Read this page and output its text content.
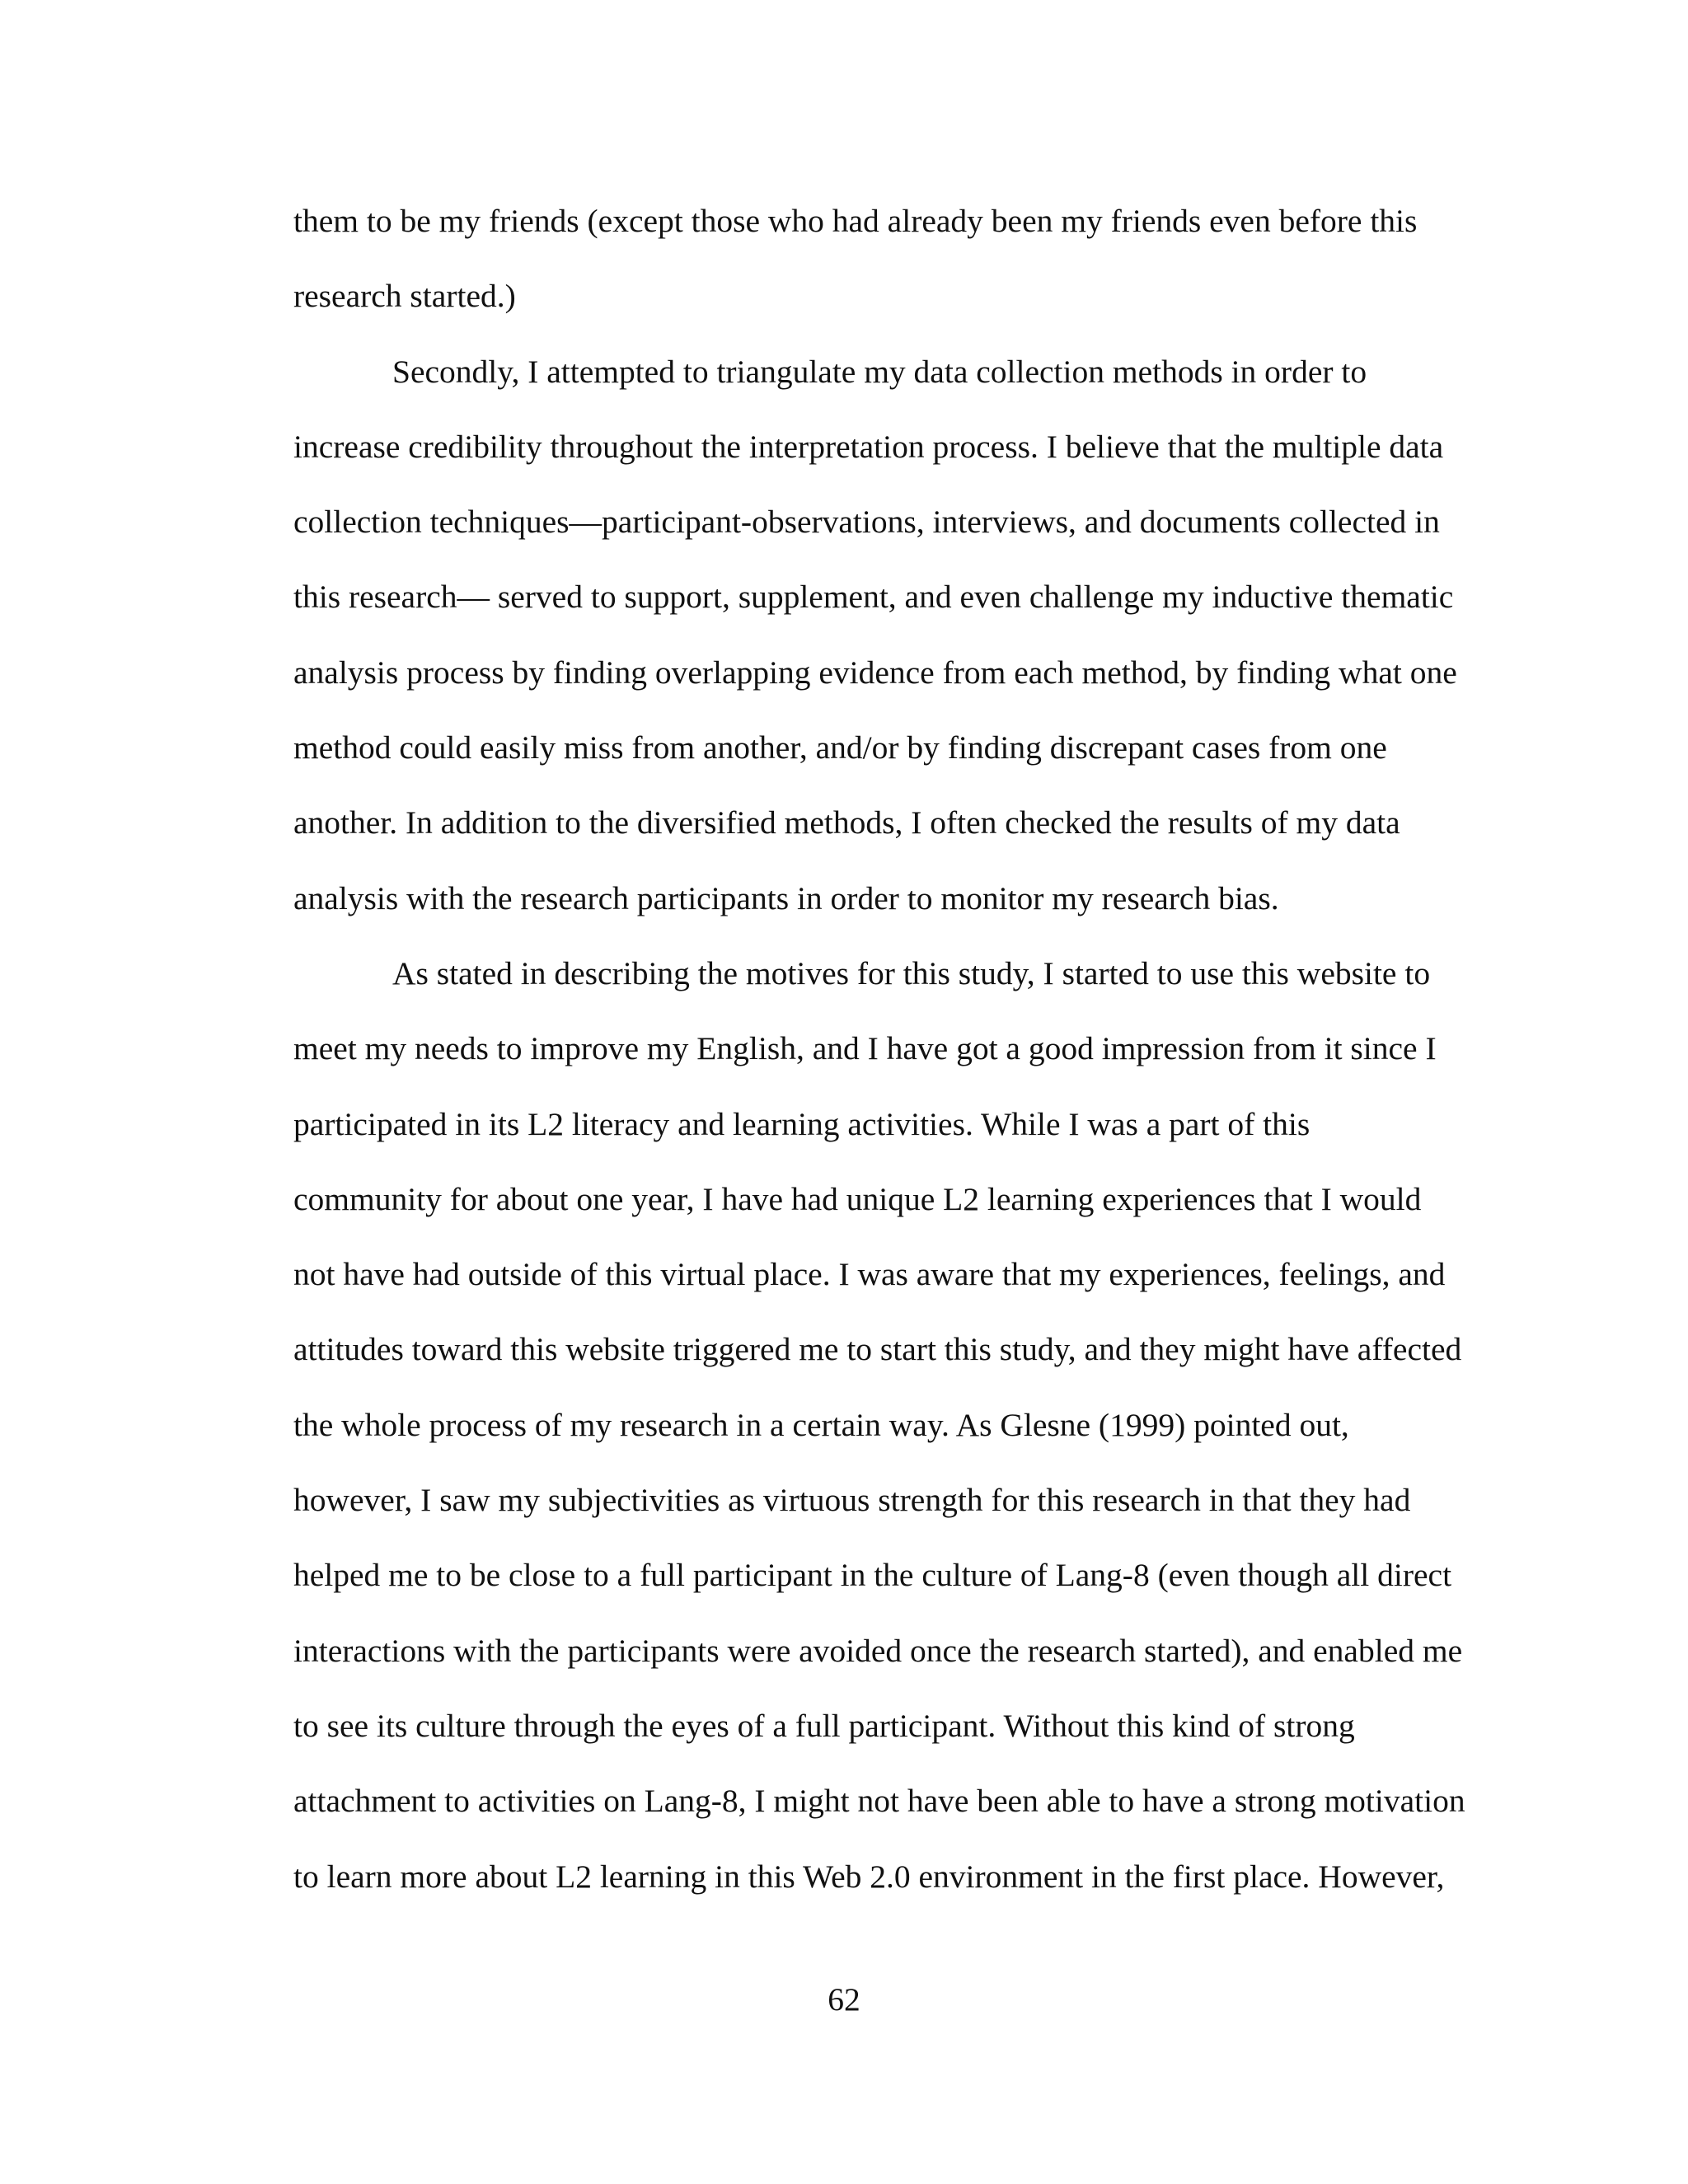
them to be my friends (except those who had already been my friends even before this
research started.)
Secondly, I attempted to triangulate my data collection methods in order to
increase credibility throughout the interpretation process. I believe that the multiple data
collection techniques—participant-observations, interviews, and documents collected in
this research— served to support, supplement, and even challenge my inductive thematic
analysis process by finding overlapping evidence from each method, by finding what one
method could easily miss from another, and/or by finding discrepant cases from one
another. In addition to the diversified methods, I often checked the results of my data
analysis with the research participants in order to monitor my research bias.
As stated in describing the motives for this study, I started to use this website to
meet my needs to improve my English, and I have got a good impression from it since I
participated in its L2 literacy and learning activities. While I was a part of this
community for about one year, I have had unique L2 learning experiences that I would
not have had outside of this virtual place. I was aware that my experiences, feelings, and
attitudes toward this website triggered me to start this study, and they might have affected
the whole process of my research in a certain way. As Glesne (1999) pointed out,
however, I saw my subjectivities as virtuous strength for this research in that they had
helped me to be close to a full participant in the culture of Lang-8 (even though all direct
interactions with the participants were avoided once the research started), and enabled me
to see its culture through the eyes of a full participant. Without this kind of strong
attachment to activities on Lang-8, I might not have been able to have a strong motivation
to learn more about L2 learning in this Web 2.0 environment in the first place. However,

62
